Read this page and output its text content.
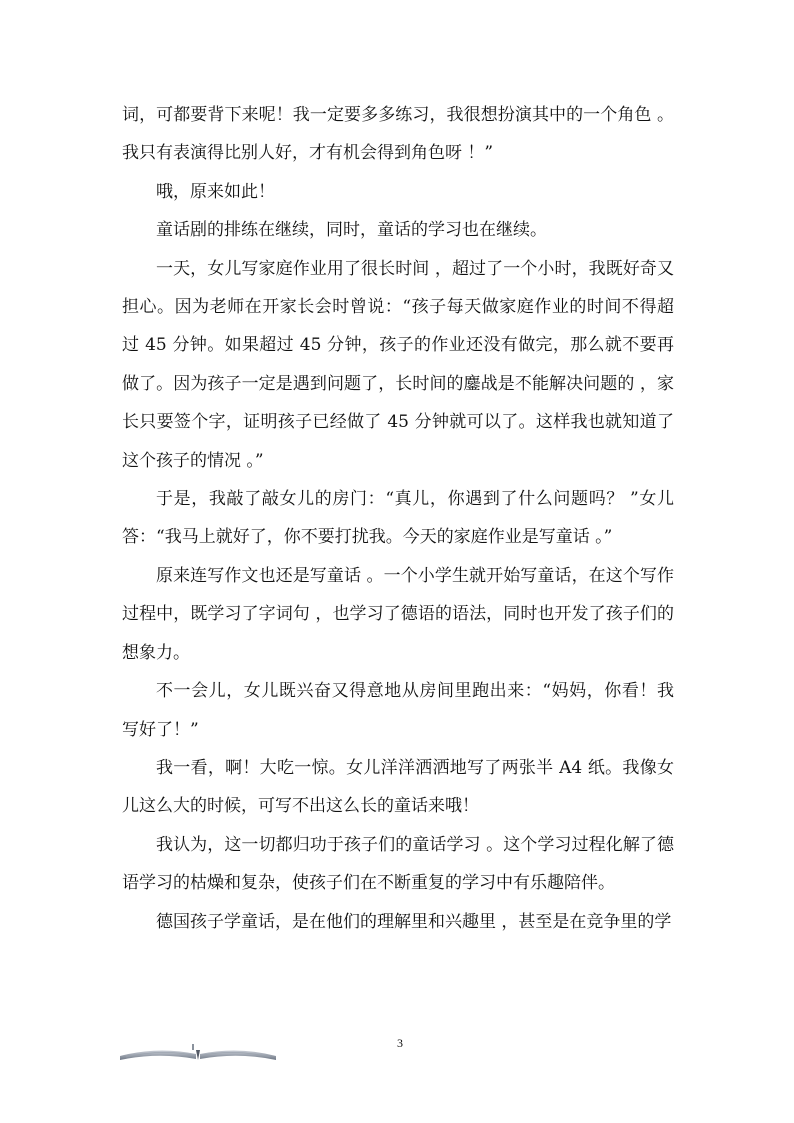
词，可都要背下来呢！我一定要多多练习，我很想扮演其中的一个角色 。我只有表演得比别人好，才有机会得到角色呀 ！”

哦，原来如此！

童话剧的排练在继续，同时，童话的学习也在继续。

一天，女儿写家庭作业用了很长时间 ，超过了一个小时，我既好奇又担心。因为老师在开家长会时曾说：“孩子每天做家庭作业的时间不得超过 45 分钟。如果超过 45 分钟，孩子的作业还没有做完，那么就不要再做了。因为孩子一定是遇到问题了，长时间的鏖战是不能解决问题的 ，家长只要签个字，证明孩子已经做了 45 分钟就可以了。这样我也就知道了这个孩子的情况 。”

于是，我敲了敲女儿的房门：“真儿，你遇到了什么问题吗？ ”女儿答：“我马上就好了，你不要打扰我。今天的家庭作业是写童话 。”

原来连写作文也还是写童话 。一个小学生就开始写童话，在这个写作过程中，既学习了字词句 ，也学习了德语的语法，同时也开发了孩子们的想象力。

不一会儿，女儿既兴奋又得意地从房间里跑出来：“妈妈，你看！我写好了！”

我一看，啊！大吃一惊。女儿洋洋洒洒地写了两张半 A4 纸。我像女儿这么大的时候，可写不出这么长的童话来哦！

我认为，这一切都归功于孩子们的童话学习 。这个学习过程化解了德语学习的枯燥和复杂，使孩子们在不断重复的学习中有乐趣陪伴。

德国孩子学童话，是在他们的理解里和兴趣里 ，甚至是在竞争里的学

3
